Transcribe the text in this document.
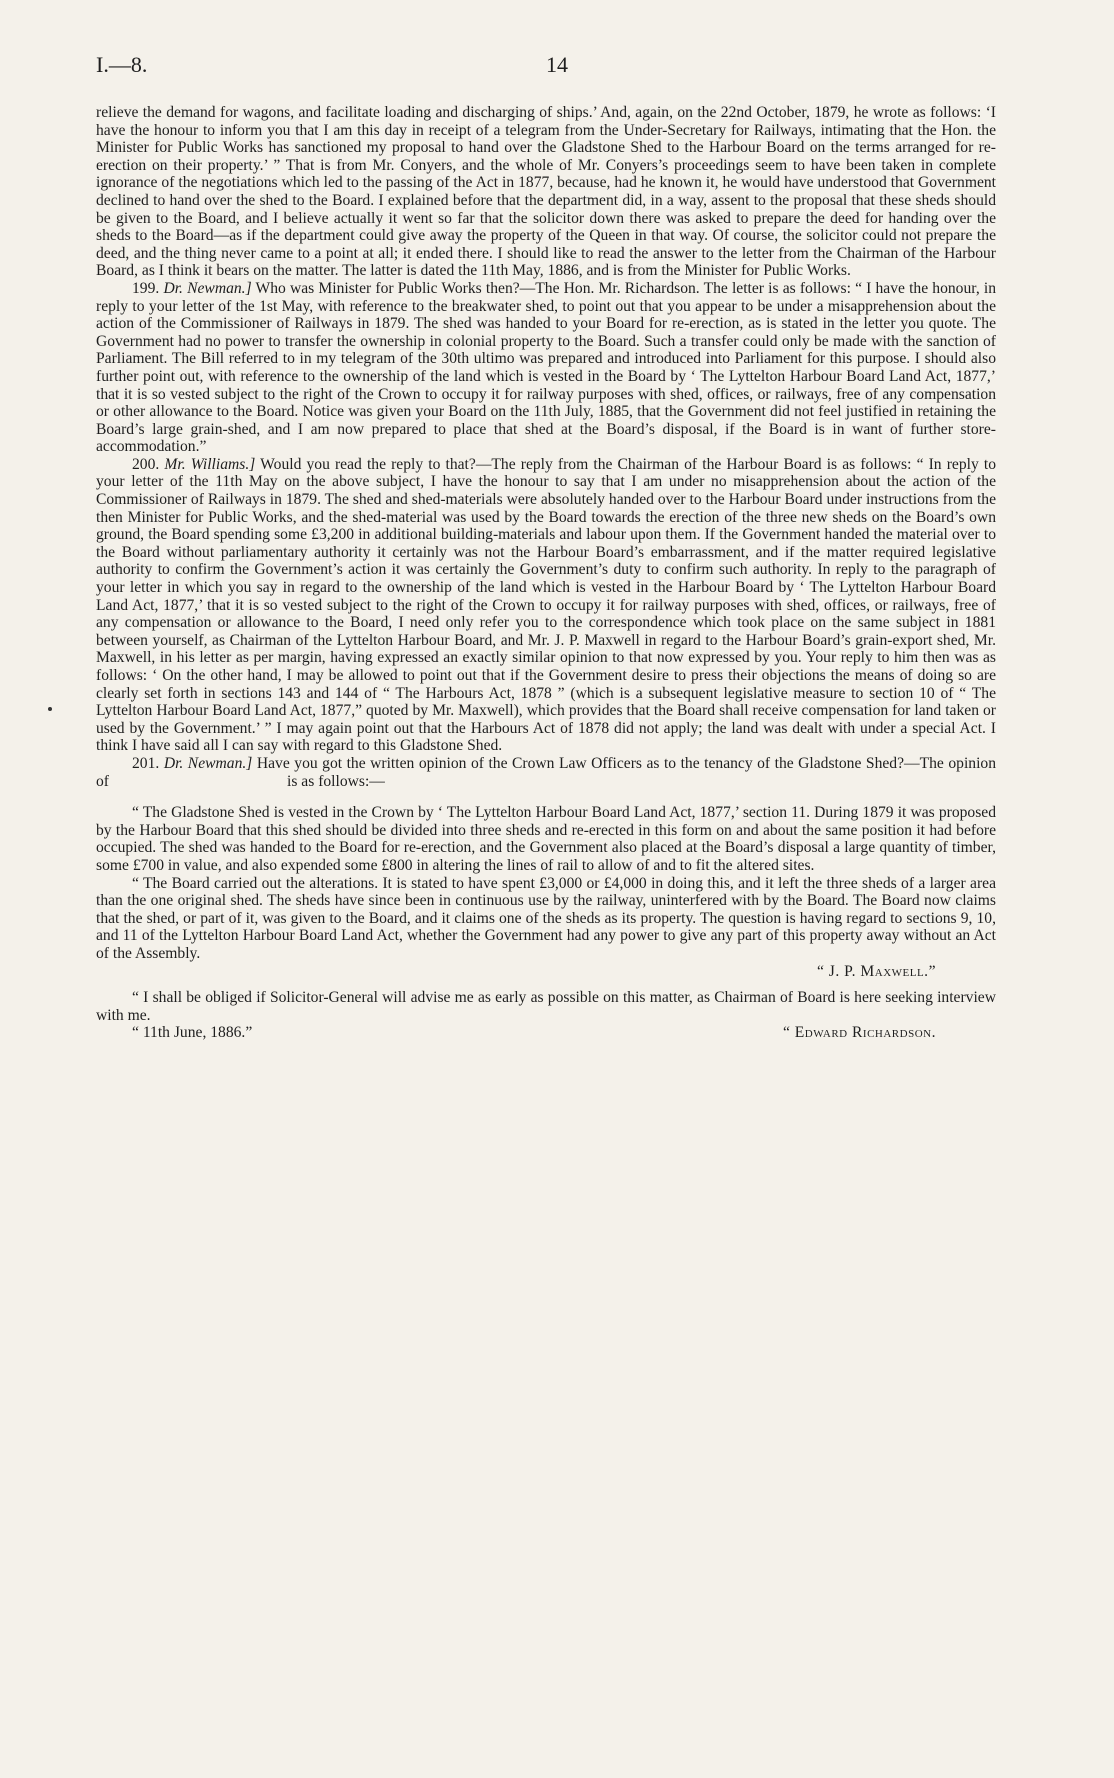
I.—8.	14

relieve the demand for wagons, and facilitate loading and discharging of ships.’ And, again, on the 22nd October, 1879, he wrote as follows: ‘I have the honour to inform you that I am this day in receipt of a telegram from the Under-Secretary for Railways, intimating that the Hon. the Minister for Public Works has sanctioned my proposal to hand over the Gladstone Shed to the Harbour Board on the terms arranged for re-erection on their property.’ ” That is from Mr. Conyers, and the whole of Mr. Conyers’s proceedings seem to have been taken in complete ignorance of the negotiations which led to the passing of the Act in 1877, because, had he known it, he would have understood that Government declined to hand over the shed to the Board. I explained before that the department did, in a way, assent to the proposal that these sheds should be given to the Board, and I believe actually it went so far that the solicitor down there was asked to prepare the deed for handing over the sheds to the Board—as if the department could give away the property of the Queen in that way. Of course, the solicitor could not prepare the deed, and the thing never came to a point at all; it ended there. I should like to read the answer to the letter from the Chairman of the Harbour Board, as I think it bears on the matter. The latter is dated the 11th May, 1886, and is from the Minister for Public Works.

199. Dr. Newman.] Who was Minister for Public Works then?—The Hon. Mr. Richardson. The letter is as follows: “ I have the honour, in reply to your letter of the 1st May, with reference to the breakwater shed, to point out that you appear to be under a misapprehension about the action of the Commissioner of Railways in 1879. The shed was handed to your Board for re-erection, as is stated in the letter you quote. The Government had no power to transfer the ownership in colonial property to the Board. Such a transfer could only be made with the sanction of Parliament. The Bill referred to in my telegram of the 30th ultimo was prepared and introduced into Parliament for this purpose. I should also further point out, with reference to the ownership of the land which is vested in the Board by ‘ The Lyttelton Harbour Board Land Act, 1877,’ that it is so vested subject to the right of the Crown to occupy it for railway purposes with shed, offices, or railways, free of any compensation or other allowance to the Board. Notice was given your Board on the 11th July, 1885, that the Government did not feel justified in retaining the Board’s large grain-shed, and I am now prepared to place that shed at the Board’s disposal, if the Board is in want of further store-accommodation.”

200. Mr. Williams.] Would you read the reply to that?—The reply from the Chairman of the Harbour Board is as follows: “ In reply to your letter of the 11th May on the above subject, I have the honour to say that I am under no misapprehension about the action of the Commissioner of Railways in 1879. The shed and shed-materials were absolutely handed over to the Harbour Board under instructions from the then Minister for Public Works, and the shed-material was used by the Board towards the erection of the three new sheds on the Board’s own ground, the Board spending some £3,200 in additional building-materials and labour upon them. If the Government handed the material over to the Board without parliamentary authority it certainly was not the Harbour Board’s embarrassment, and if the matter required legislative authority to confirm the Government’s action it was certainly the Government’s duty to confirm such authority. In reply to the paragraph of your letter in which you say in regard to the ownership of the land which is vested in the Harbour Board by ‘ The Lyttelton Harbour Board Land Act, 1877,’ that it is so vested subject to the right of the Crown to occupy it for railway purposes with shed, offices, or railways, free of any compensation or allowance to the Board, I need only refer you to the correspondence which took place on the same subject in 1881 between yourself, as Chairman of the Lyttelton Harbour Board, and Mr. J. P. Maxwell in regard to the Harbour Board’s grain-export shed, Mr. Maxwell, in his letter as per margin, having expressed an exactly similar opinion to that now expressed by you. Your reply to him then was as follows: ‘ On the other hand, I may be allowed to point out that if the Government desire to press their objections the means of doing so are clearly set forth in sections 143 and 144 of “ The Harbours Act, 1878 ” (which is a subsequent legislative measure to section 10 of “ The Lyttelton Harbour Board Land Act, 1877,” quoted by Mr. Maxwell), which provides that the Board shall receive compensation for land taken or used by the Government.’ ” I may again point out that the Harbours Act of 1878 did not apply; the land was dealt with under a special Act. I think I have said all I can say with regard to this Gladstone Shed.

201. Dr. Newman.] Have you got the written opinion of the Crown Law Officers as to the tenancy of the Gladstone Shed?—The opinion of	is as follows:—

“ The Gladstone Shed is vested in the Crown by ‘ The Lyttelton Harbour Board Land Act, 1877,’ section 11. During 1879 it was proposed by the Harbour Board that this shed should be divided into three sheds and re-erected in this form on and about the same position it had before occupied. The shed was handed to the Board for re-erection, and the Government also placed at the Board’s disposal a large quantity of timber, some £700 in value, and also expended some £800 in altering the lines of rail to allow of and to fit the altered sites.

“ The Board carried out the alterations. It is stated to have spent £3,000 or £4,000 in doing this, and it left the three sheds of a larger area than the one original shed. The sheds have since been in continuous use by the railway, uninterfered with by the Board. The Board now claims that the shed, or part of it, was given to the Board, and it claims one of the sheds as its property. The question is having regard to sections 9, 10, and 11 of the Lyttelton Harbour Board Land Act, whether the Government had any power to give any part of this property away without an Act of the Assembly.

“ J. P. Maxwell.”

“ I shall be obliged if Solicitor-General will advise me as early as possible on this matter, as Chairman of Board is here seeking interview with me.

“ 11th June, 1886.”	“ Edward Richardson.
